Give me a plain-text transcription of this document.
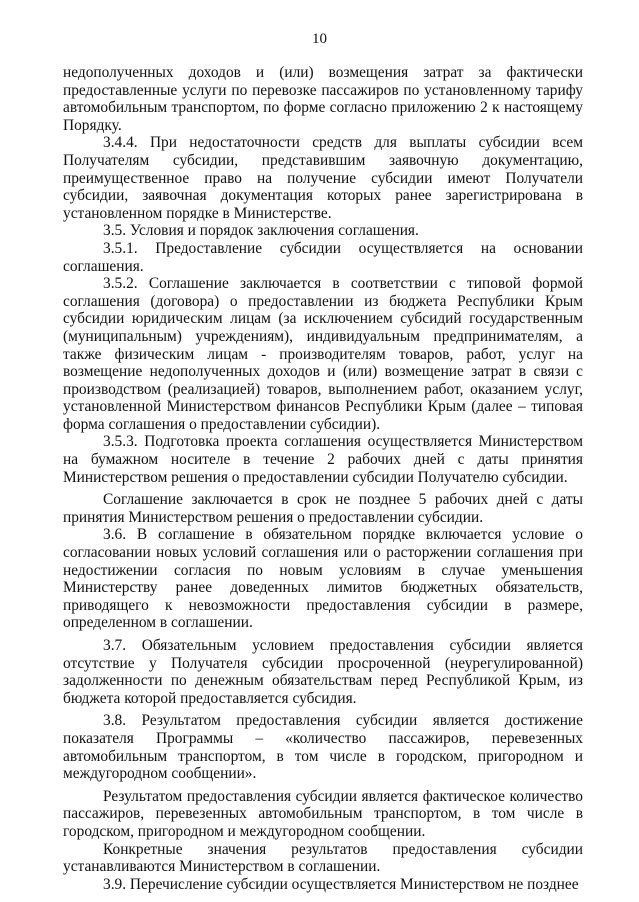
10

недополученных доходов и (или) возмещения затрат за фактически предоставленные услуги по перевозке пассажиров по установленному тарифу автомобильным транспортом, по форме согласно приложению 2 к настоящему Порядку.

3.4.4. При недостаточности средств для выплаты субсидии всем Получателям субсидии, представившим заявочную документацию, преимущественное право на получение субсидии имеют Получатели субсидии, заявочная документация которых ранее зарегистрирована в установленном порядке в Министерстве.

3.5. Условия и порядок заключения соглашения.

3.5.1. Предоставление субсидии осуществляется на основании соглашения.

3.5.2. Соглашение заключается в соответствии с типовой формой соглашения (договора) о предоставлении из бюджета Республики Крым субсидии юридическим лицам (за исключением субсидий государственным (муниципальным) учреждениям), индивидуальным предпринимателям, а также физическим лицам - производителям товаров, работ, услуг на возмещение недополученных доходов и (или) возмещение затрат в связи с производством (реализацией) товаров, выполнением работ, оказанием услуг, установленной Министерством финансов Республики Крым (далее – типовая форма соглашения о предоставлении субсидии).

3.5.3. Подготовка проекта соглашения осуществляется Министерством на бумажном носителе в течение 2 рабочих дней с даты принятия Министерством решения о предоставлении субсидии Получателю субсидии.

Соглашение заключается в срок не позднее 5 рабочих дней с даты принятия Министерством решения о предоставлении субсидии.

3.6. В соглашение в обязательном порядке включается условие о согласовании новых условий соглашения или о расторжении соглашения при недостижении согласия по новым условиям в случае уменьшения Министерству ранее доведенных лимитов бюджетных обязательств, приводящего к невозможности предоставления субсидии в размере, определенном в соглашении.

3.7. Обязательным условием предоставления субсидии является отсутствие у Получателя субсидии просроченной (неурегулированной) задолженности по денежным обязательствам перед Республикой Крым, из бюджета которой предоставляется субсидия.

3.8. Результатом предоставления субсидии является достижение показателя Программы – «количество пассажиров, перевезенных автомобильным транспортом, в том числе в городском, пригородном и междугородном сообщении».

Результатом предоставления субсидии является фактическое количество пассажиров, перевезенных автомобильным транспортом, в том числе в городском, пригородном и междугородном сообщении.

Конкретные значения результатов предоставления субсидии устанавливаются Министерством в соглашении.

3.9. Перечисление субсидии осуществляется Министерством не позднее
